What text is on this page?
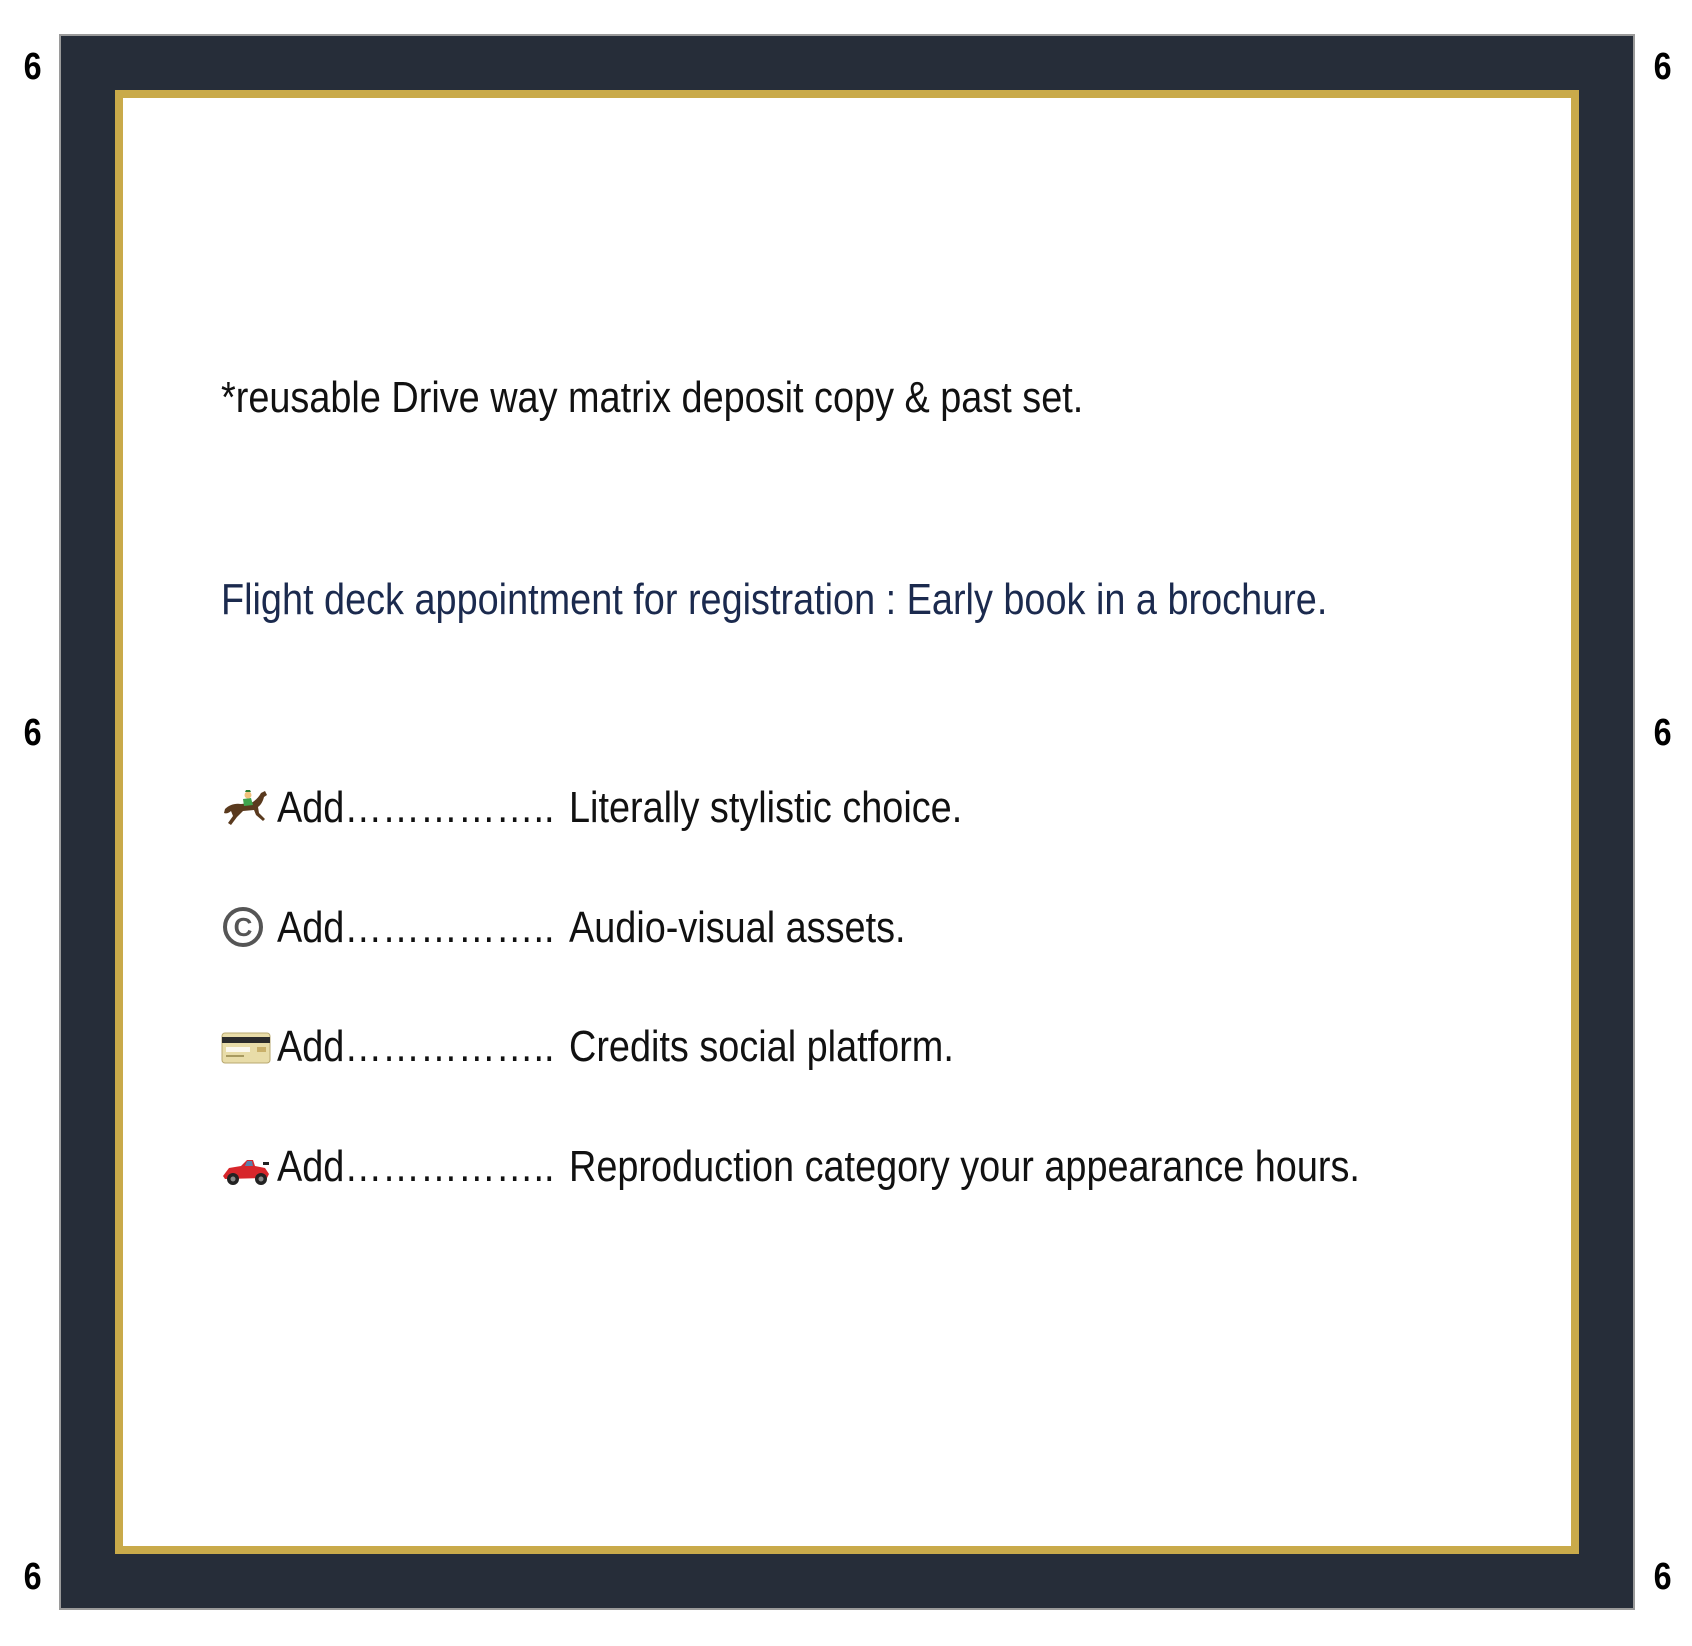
6	6
6	6
6	6
*reusable Drive way matrix deposit copy & past set.
Flight deck appointment for registration : Early book in a brochure.
Add…………….. Literally stylistic choice.
C Add…………….. Audio-visual assets.
Add…………….. Credits social platform.
Add…………….. Reproduction category your appearance hours.
